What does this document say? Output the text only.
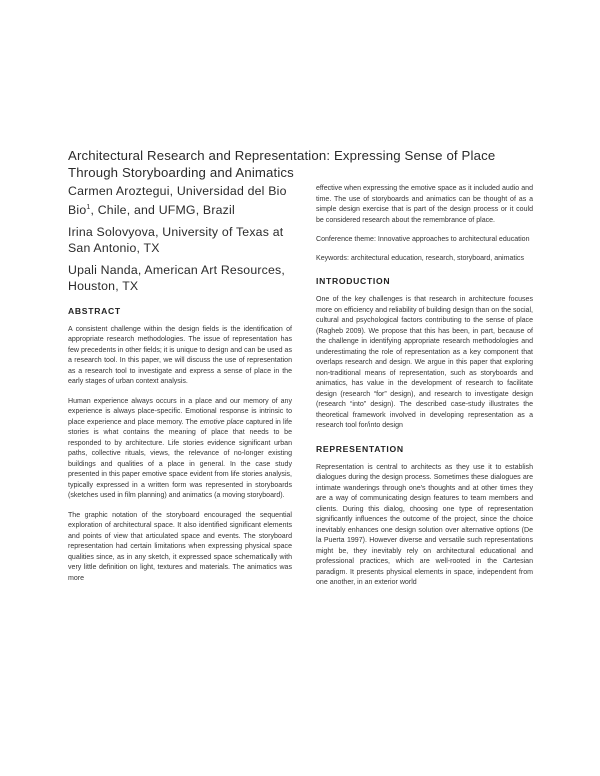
Architectural Research and Representation: Expressing Sense of Place Through Storyboarding and Animatics
Carmen Aroztegui, Universidad del Bio Bio$^1$, Chile, and UFMG, Brazil
Irina Solovyova, University of Texas at San Antonio, TX
Upali Nanda, American Art Resources, Houston, TX
ABSTRACT

A consistent challenge within the design fields is the identification of appropriate research methodologies. The issue of representation has few precedents in other fields; it is unique to design and can be used as a research tool. In this paper, we will discuss the use of representation as a research tool to investigate and express a sense of place in the early stages of urban context analysis.

Human experience always occurs in a place and our memory of any experience is always place-specific. Emotional response is intrinsic to place experience and place memory. The emotive place captured in life stories is what contains the meaning of place that needs to be responded to by architecture. Life stories evidence significant urban paths, collective rituals, views, the relevance of no-longer existing buildings and qualities of a place in general. In the case study presented in this paper emotive space evident from life stories analysis, typically expressed in a written form was represented in storyboards (sketches used in film planning) and animatics (a moving storyboard).

The graphic notation of the storyboard encouraged the sequential exploration of architectural space. It also identified significant elements and points of view that articulated space and events. The storyboard representation had certain limitations when expressing physical space qualities since, as in any sketch, it expressed space schematically with very little definition on light, textures and materials. The animatics was more

effective when expressing the emotive space as it included audio and time. The use of storyboards and animatics can be thought of as a simple design exercise that is part of the design process or it could be considered research about the remembrance of place.

Conference theme: Innovative approaches to architectural education

Keywords: architectural education, research, storyboard, animatics

INTRODUCTION

One of the key challenges is that research in architecture focuses more on efficiency and reliability of building design than on the social, cultural and psychological factors contributing to the sense of place (Ragheb 2009). We propose that this has been, in part, because of the challenge in identifying appropriate research methodologies and underestimating the role of representation as a key component that overlaps research and design. We argue in this paper that exploring non-traditional means of representation, such as storyboards and animatics, has value in the development of research to facilitate design (research “for” design), and research to investigate design (research “into” design). The described case-study illustrates the theoretical framework involved in developing representation as a research tool for/into design

REPRESENTATION

Representation is central to architects as they use it to establish dialogues during the design process. Sometimes these dialogues are intimate wanderings through one's thoughts and at other times they are a way of communicating design features to team members and clients. During this dialog, choosing one type of representation significantly influences the outcome of the project, since the choice inevitably enhances one design solution over alternative options (De la Puerta 1997). However diverse and versatile such representations might be, they inevitably rely on architectural educational and professional practices, which are well-rooted in the Cartesian paradigm. It presents physical elements in space, independent from one another, in an exterior world
